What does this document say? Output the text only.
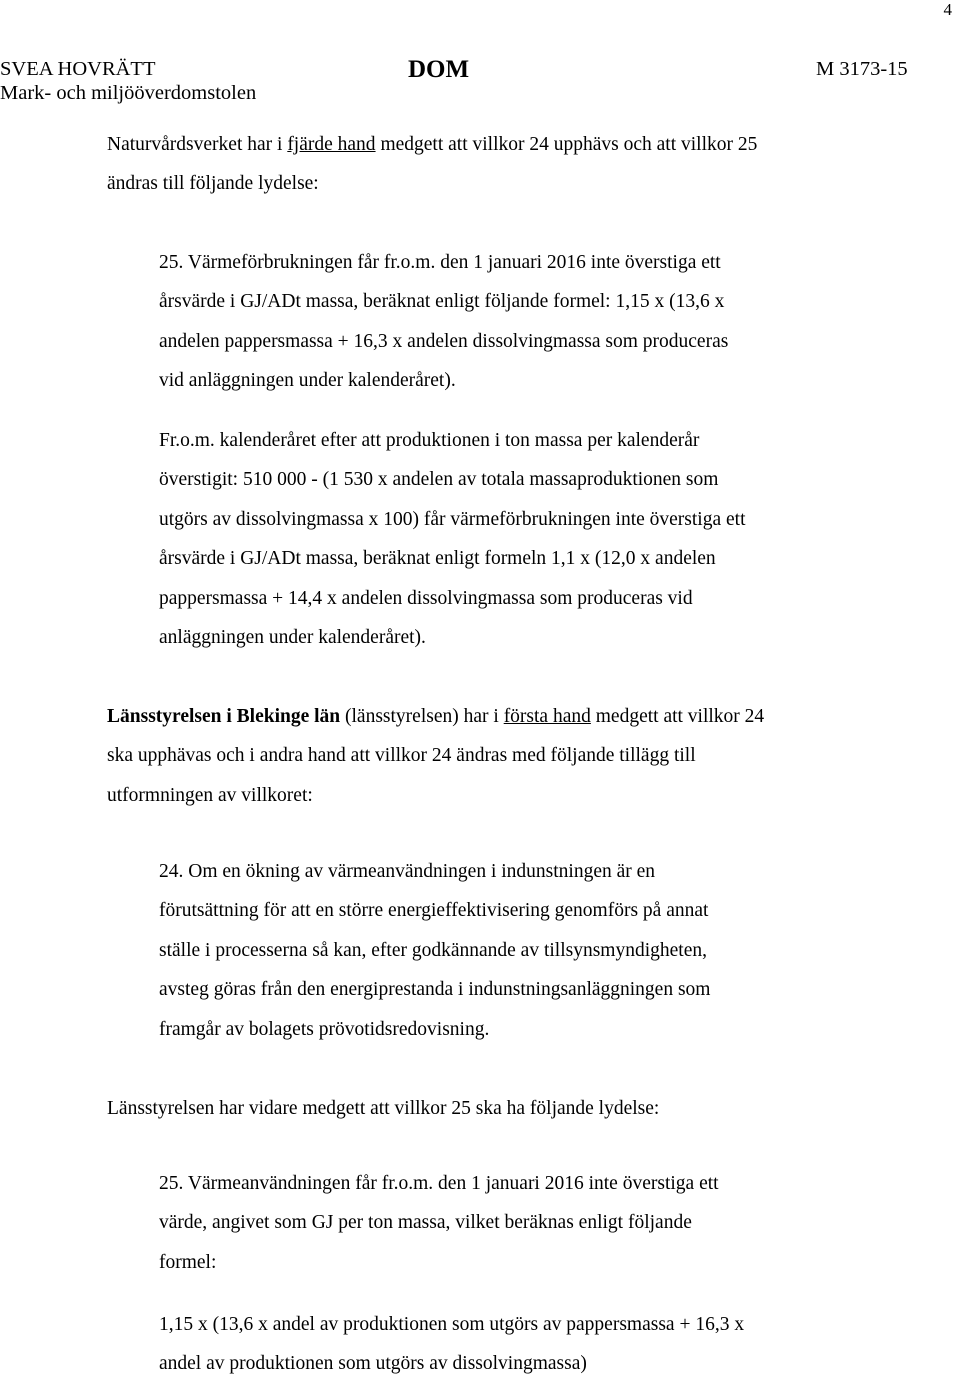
4
SVEA HOVRÄTT
Mark- och miljööverdomstolen
DOM	M 3173-15
Naturvårdsverket har i fjärde hand medgett att villkor 24 upphävs och att villkor 25
ändras till följande lydelse:
25. Värmeförbrukningen får fr.o.m. den 1 januari 2016 inte överstiga ett
årsvärde i GJ/ADt massa, beräknat enligt följande formel: 1,15 x (13,6 x
andelen pappersmassa + 16,3 x andelen dissolvingmassa som produceras
vid anläggningen under kalenderåret).
Fr.o.m. kalenderåret efter att produktionen i ton massa per kalenderår
överstigit: 510 000 - (1 530 x andelen av totala massaproduktionen som
utgörs av dissolvingmassa x 100) får värmeförbrukningen inte överstiga ett
årsvärde i GJ/ADt massa, beräknat enligt formeln 1,1 x (12,0 x andelen
pappersmassa + 14,4 x andelen dissolvingmassa som produceras vid
anläggningen under kalenderåret).
Länsstyrelsen i Blekinge län (länsstyrelsen) har i första hand medgett att villkor 24
ska upphävas och i andra hand att villkor 24 ändras med följande tillägg till
utformningen av villkoret:
24. Om en ökning av värmeanvändningen i indunstningen är en
förutsättning för att en större energieffektivisering genomförs på annat
ställe i processerna så kan, efter godkännande av tillsynsmyndigheten,
avsteg göras från den energiprestanda i indunstningsanläggningen som
framgår av bolagets prövotidsredovisning.
Länsstyrelsen har vidare medgett att villkor 25 ska ha följande lydelse:
25. Värmeanvändningen får fr.o.m. den 1 januari 2016 inte överstiga ett
värde, angivet som GJ per ton massa, vilket beräknas enligt följande
formel:
1,15 x (13,6 x andel av produktionen som utgörs av pappersmassa + 16,3 x
andel av produktionen som utgörs av dissolvingmassa)
